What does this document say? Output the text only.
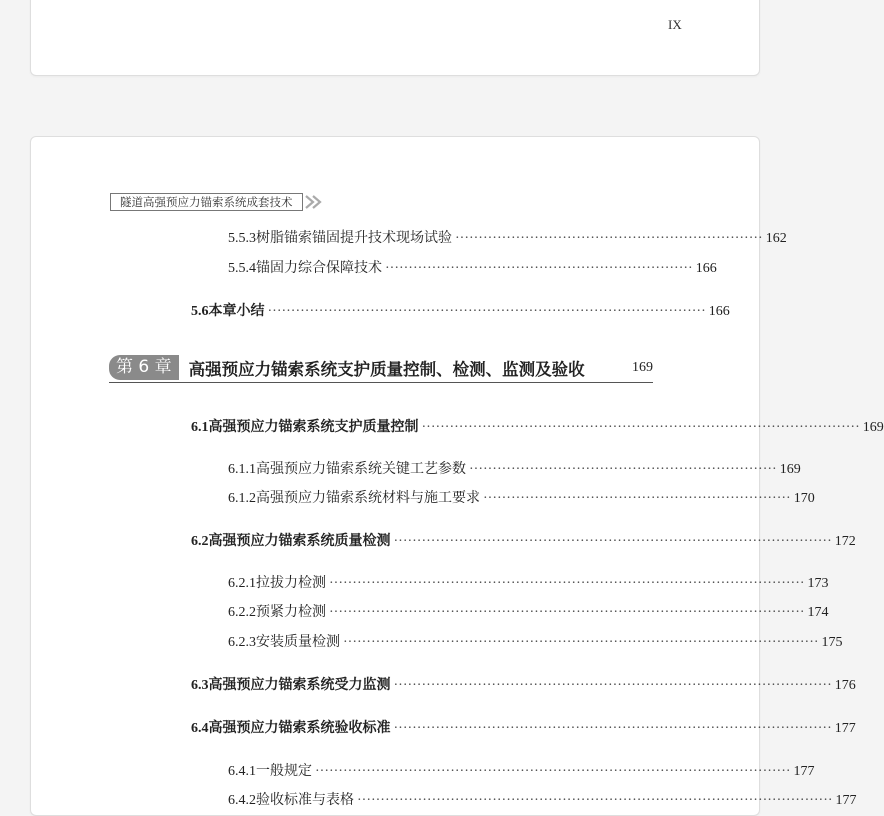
IX
隧道高强预应力锚索系统成套技术
5.5.3 树脂锚索锚固提升技术现场试验 ·································································· 162
5.5.4 锚固力综合保障技术 ·································································· 166
5.6 本章小结 ······························································································ 166
第 6 章	高强预应力锚索系统支护质量控制、检测、监测及验收	169
6.1 高强预应力锚索系统支护质量控制 ······························································································ 169
6.1.1 高强预应力锚索系统关键工艺参数 ·································································· 169
6.1.2 高强预应力锚索系统材料与施工要求 ·································································· 170
6.2 高强预应力锚索系统质量检测 ······························································································ 172
6.2.1 拉拔力检测 ······································································································ 173
6.2.2 预紧力检测 ······································································································ 174
6.2.3 安装质量检测 ······································································································ 175
6.3 高强预应力锚索系统受力监测 ······························································································ 176
6.4 高强预应力锚索系统验收标准 ······························································································ 177
6.4.1 一般规定 ······································································································ 177
6.4.2 验收标准与表格 ······································································································ 177
